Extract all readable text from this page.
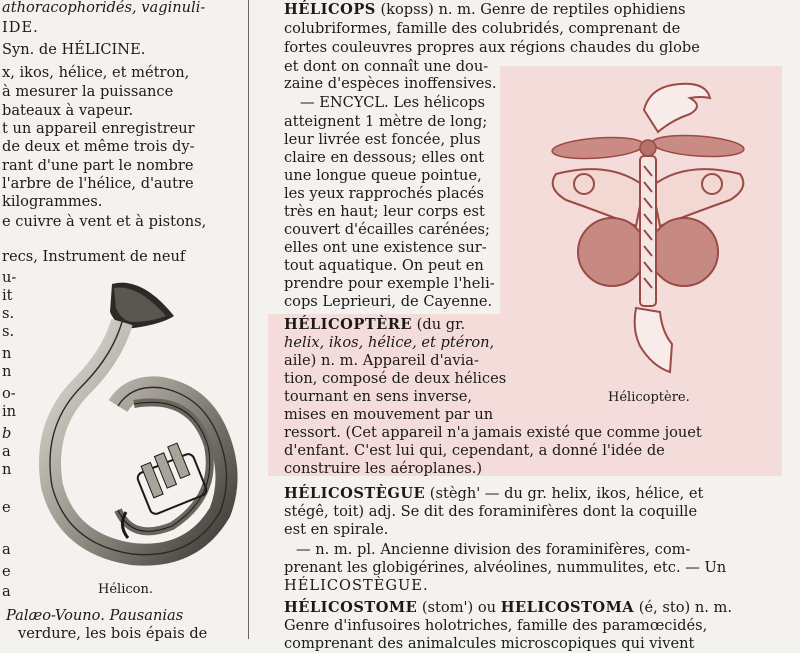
athoracophoridés, vaginuli-
IDE.
Syn. de HÉLICINE.
x, ikos, hélice, et métron,
à mesurer la puissance
bateaux à vapeur.
t un appareil enregistreur
de deux et même trois dy-
rant d'une part le nombre
l'arbre de l'hélice, d'autre
kilogrammes.
e cuivre à vent et à pistons,
recs, Instrument de neuf
u-
it
s.
s.
n
n
o-
in
b
a
n
e
a
e
a
Palæo-Vouno. Pausanias
verdure, les bois épais de
Hélicon.
HÉLICOPS (kopss) n. m. Genre de reptiles ophidiens
colubriformes, famille des colubridés, comprenant de
fortes couleuvres propres aux régions chaudes du globe
et dont on connaît une dou-
zaine d'espèces inoffensives.
— ENCYCL. Les hélicops
atteignent 1 mètre de long;
leur livrée est foncée, plus
claire en dessous; elles ont
une longue queue pointue,
les yeux rapprochés placés
très en haut; leur corps est
couvert d'écailles carénées;
elles ont une existence sur-
tout aquatique. On peut en
prendre pour exemple l'heli-
cops Leprieuri, de Cayenne.
HÉLICOPTÈRE (du gr.
helix, ikos, hélice, et ptéron,
aile) n. m. Appareil d'avia-
tion, composé de deux hélices
tournant en sens inverse,
mises en mouvement par un
ressort. (Cet appareil n'a jamais existé que comme jouet
d'enfant. C'est lui qui, cependant, a donné l'idée de
construire les aéroplanes.)
HÉLICOSTÈGUE (stègh' — du gr. helix, ikos, hélice, et
stégê, toit) adj. Se dit des foraminifères dont la coquille
est en spirale.
— n. m. pl. Ancienne division des foraminifères, com-
prenant les globigérines, alvéolines, nummulites, etc. — Un
HÉLICOSTÈGUE.
HÉLICOSTOME (stom') ou HELICOSTOMA (é, sto) n. m.
Genre d'infusoires holotriches, famille des paramœcidés,
comprenant des animalcules microscopiques qui vivent
Hélicoptère.
